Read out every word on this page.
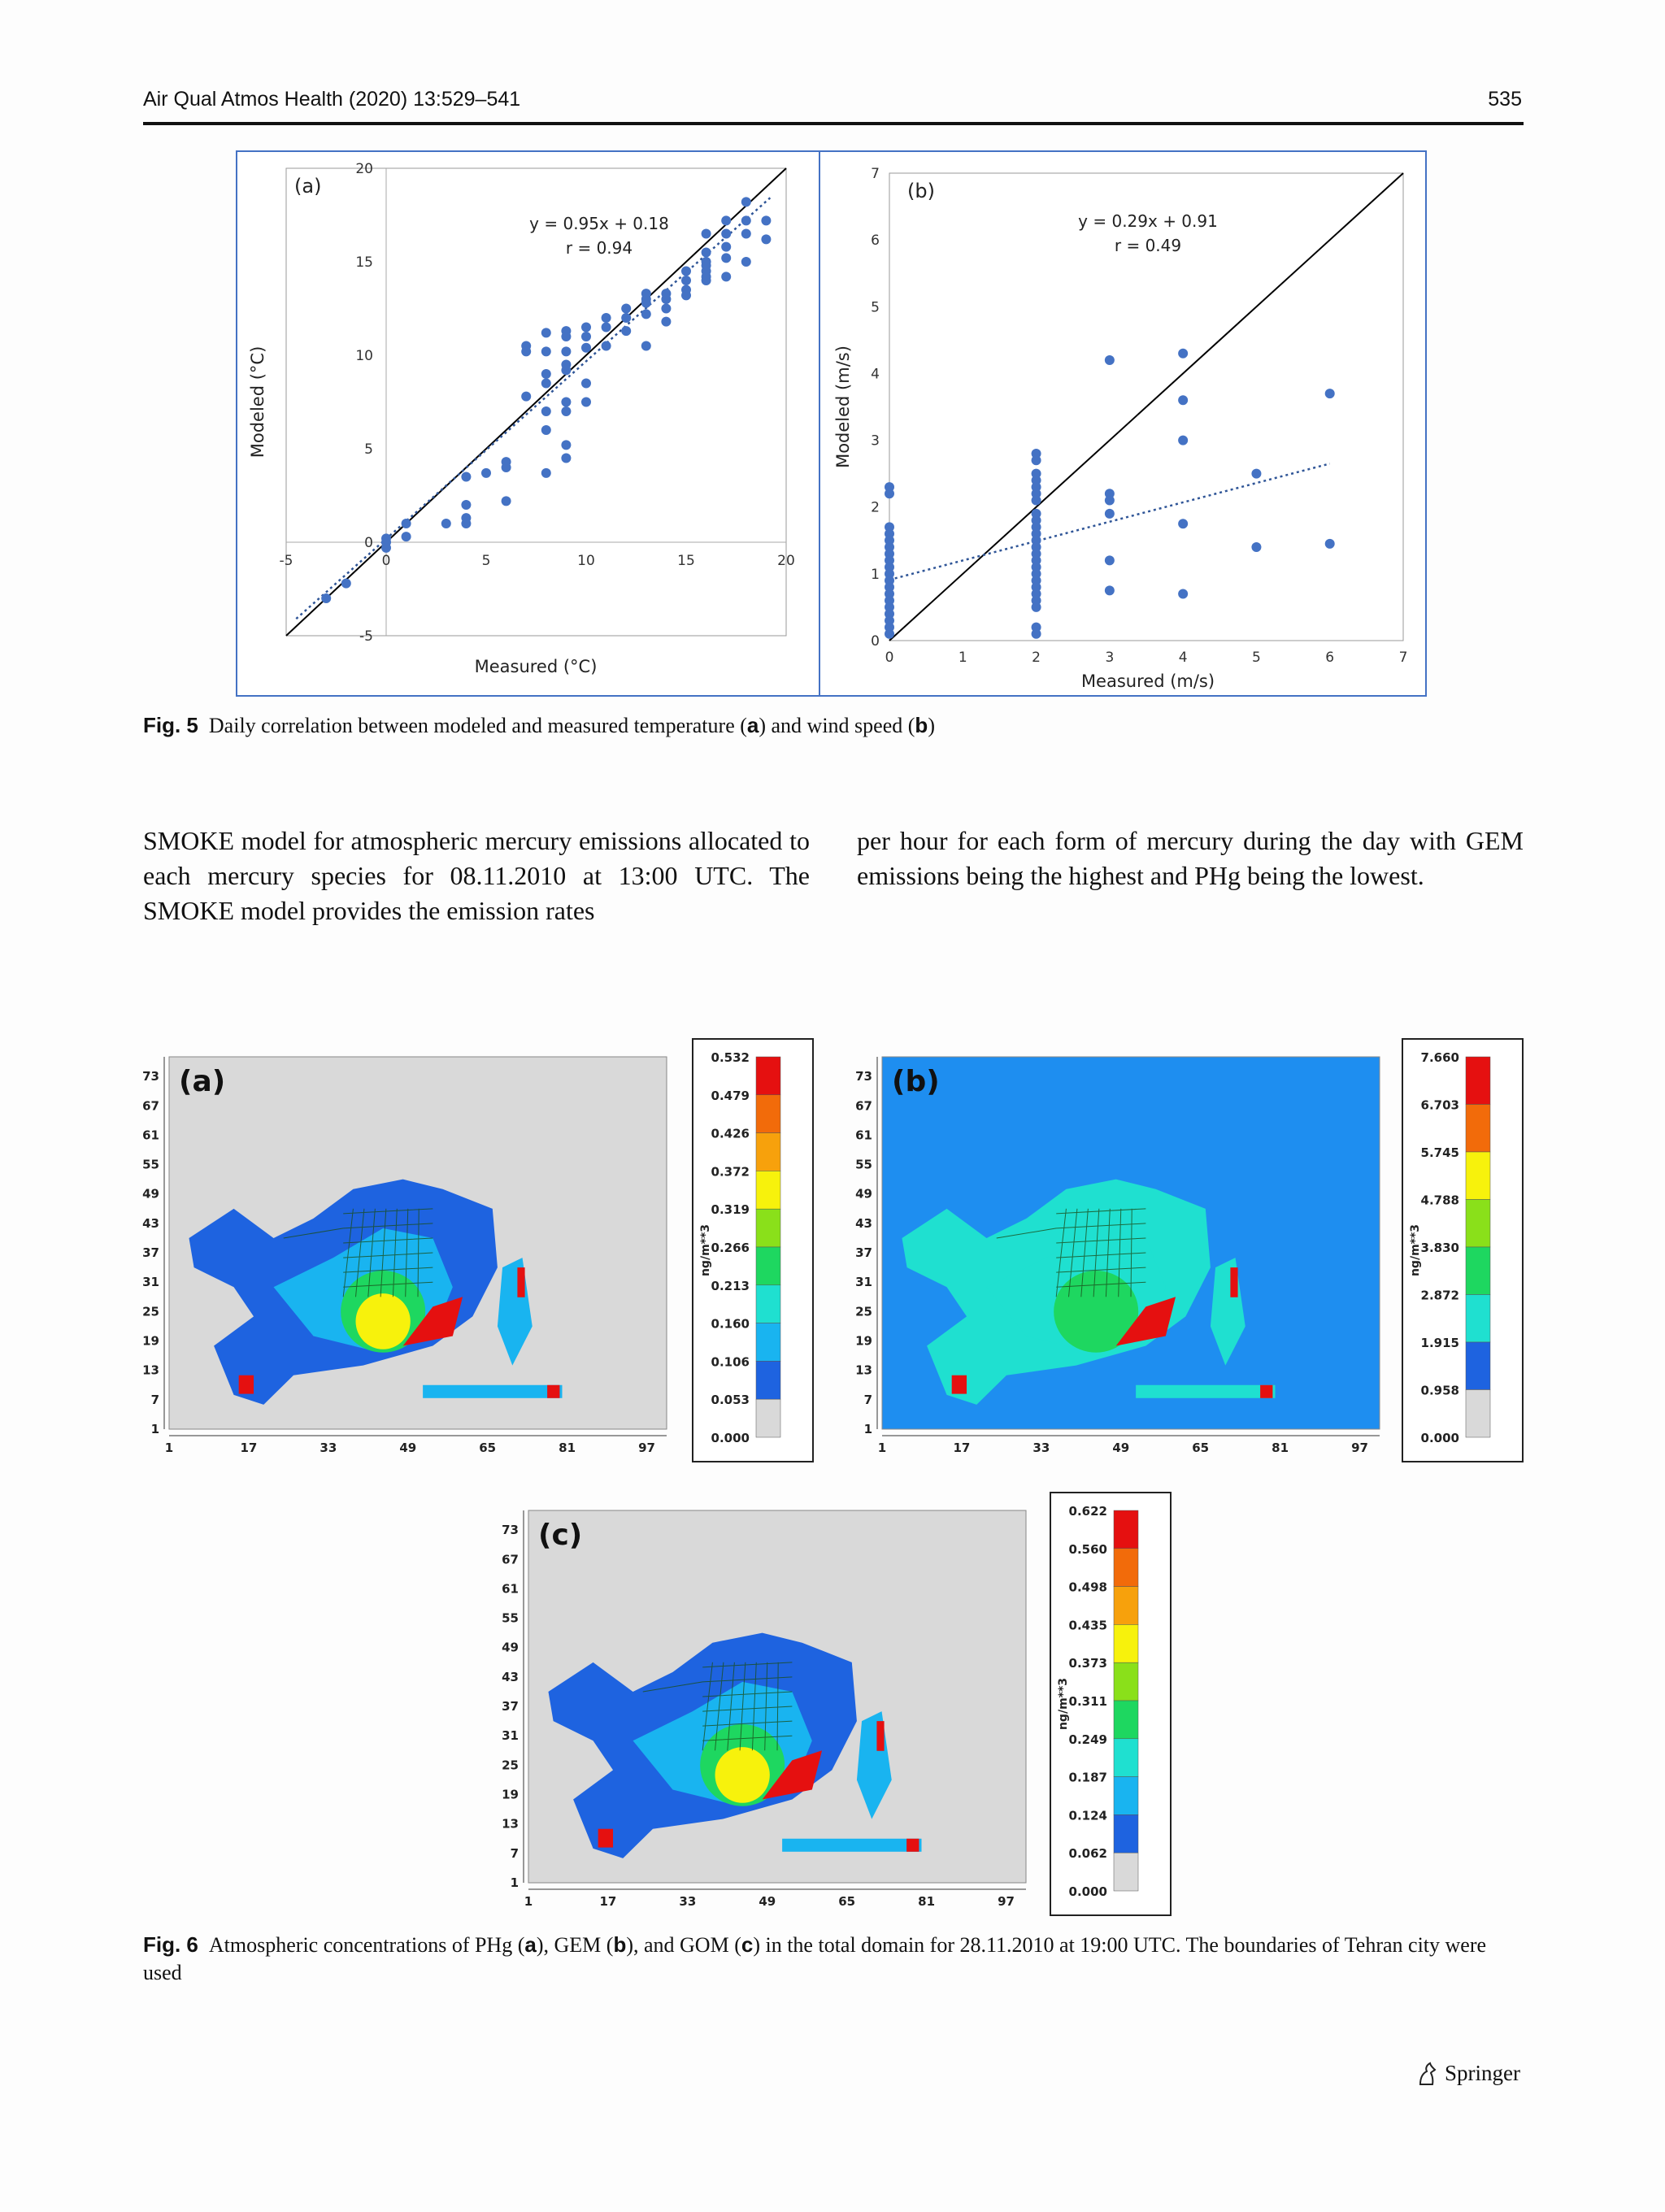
Air Qual Atmos Health (2020) 13:529–541	535
-5	0	5	10	15	20
-5
0
5
10
15
20
y = 0.95x + 0.18
r = 0.94
(a)
Measured (°C)
Modeled (°C)
0	1	2	3	4	5	6	7
0
1
2
3
4
5
6
7
y = 0.29x + 0.91
r = 0.49
(b)
Measured (m/s)
Modeled (m/s)
Fig. 5 Daily correlation between modeled and measured temperature (a) and wind speed (b)
SMOKE model for atmospheric mercury emissions allocated to each mercury species for 08.11.2010 at 13:00 UTC. The SMOKE model provides the emission rates
per hour for each form of mercury during the day with GEM emissions being the highest and PHg being the lowest.
73
67
61
55
49
43
37
31
25
19
13
7
1
1	17	33	49	65	81	97
(a)
0.532
0.479
0.426
0.372
0.319
0.266
0.213
0.160
0.106
0.053
0.000
ng/m**3
73
67
61
55
49
43
37
31
25
19
13
7
1
1	17	33	49	65	81	97
(b)
7.660
6.703
5.745
4.788
3.830
2.872
1.915
0.958
0.000
ng/m**3
73
67
61
55
49
43
37
31
25
19
13
7
1
1	17	33	49	65	81	97
(c)
0.622
0.560
0.498
0.435
0.373
0.311
0.249
0.187
0.124
0.062
0.000
ng/m**3
Fig. 6 Atmospheric concentrations of PHg (a), GEM (b), and GOM (c) in the total domain for 28.11.2010 at 19:00 UTC. The boundaries of Tehran city were used
Springer
